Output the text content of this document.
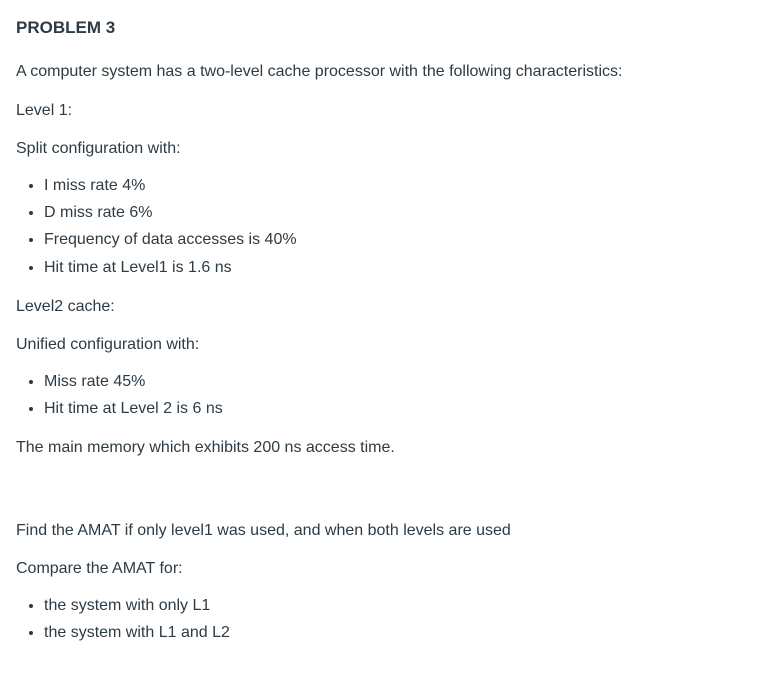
PROBLEM 3

A computer system has a two-level cache processor with the following characteristics:

Level 1:

Split configuration with:

• I miss rate 4%
• D miss rate 6%
• Frequency of data accesses is 40%
• Hit time at Level1 is 1.6 ns

Level2 cache:

Unified configuration with:

• Miss rate 45%
• Hit time at Level 2 is 6 ns

The main memory which exhibits 200 ns access time.

Find the AMAT if only level1 was used, and when both levels are used

Compare the AMAT for:

• the system with only L1
• the system with L1 and L2
